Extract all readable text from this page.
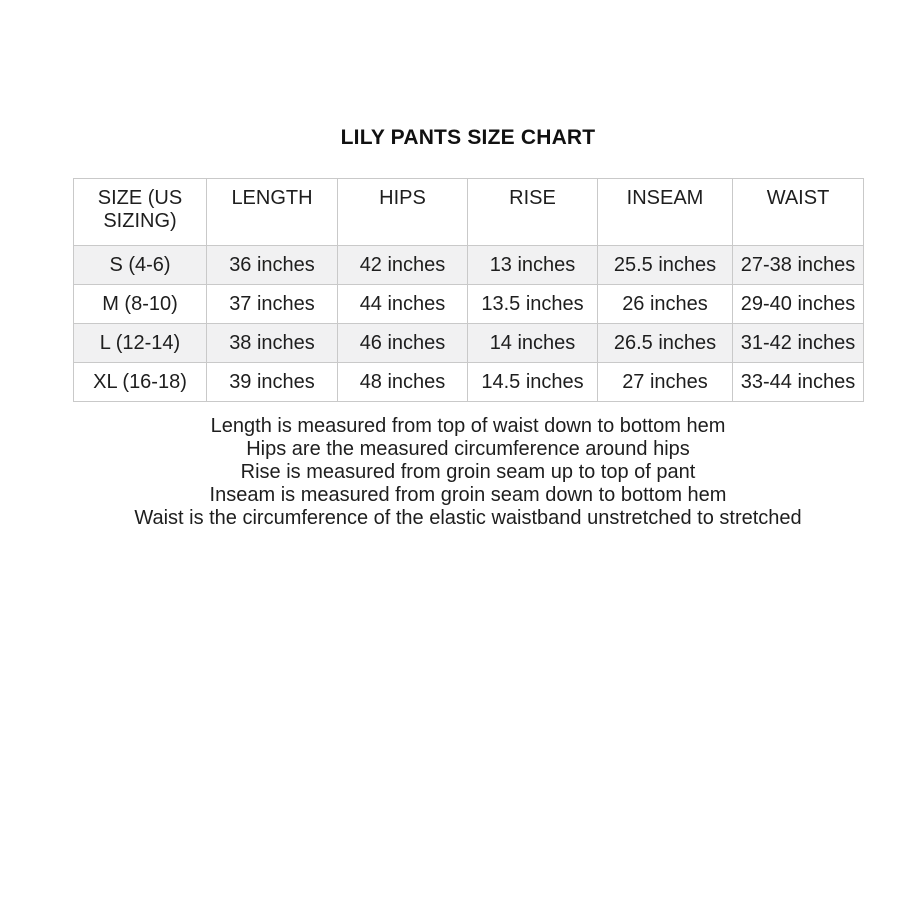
LILY PANTS SIZE CHART
SIZE (US SIZING)	LENGTH	HIPS	RISE	INSEAM	WAIST
S (4-6)	36 inches	42 inches	13 inches	25.5 inches	27-38 inches
M (8-10)	37 inches	44 inches	13.5 inches	26 inches	29-40 inches
L (12-14)	38 inches	46 inches	14 inches	26.5 inches	31-42 inches
XL (16-18)	39 inches	48 inches	14.5 inches	27 inches	33-44 inches

Length is measured from top of waist down to bottom hem

Hips are the measured circumference around hips

Rise is measured from groin seam up to top of pant

Inseam is measured from groin seam down to bottom hem

Waist is the circumference of the elastic waistband unstretched to stretched
